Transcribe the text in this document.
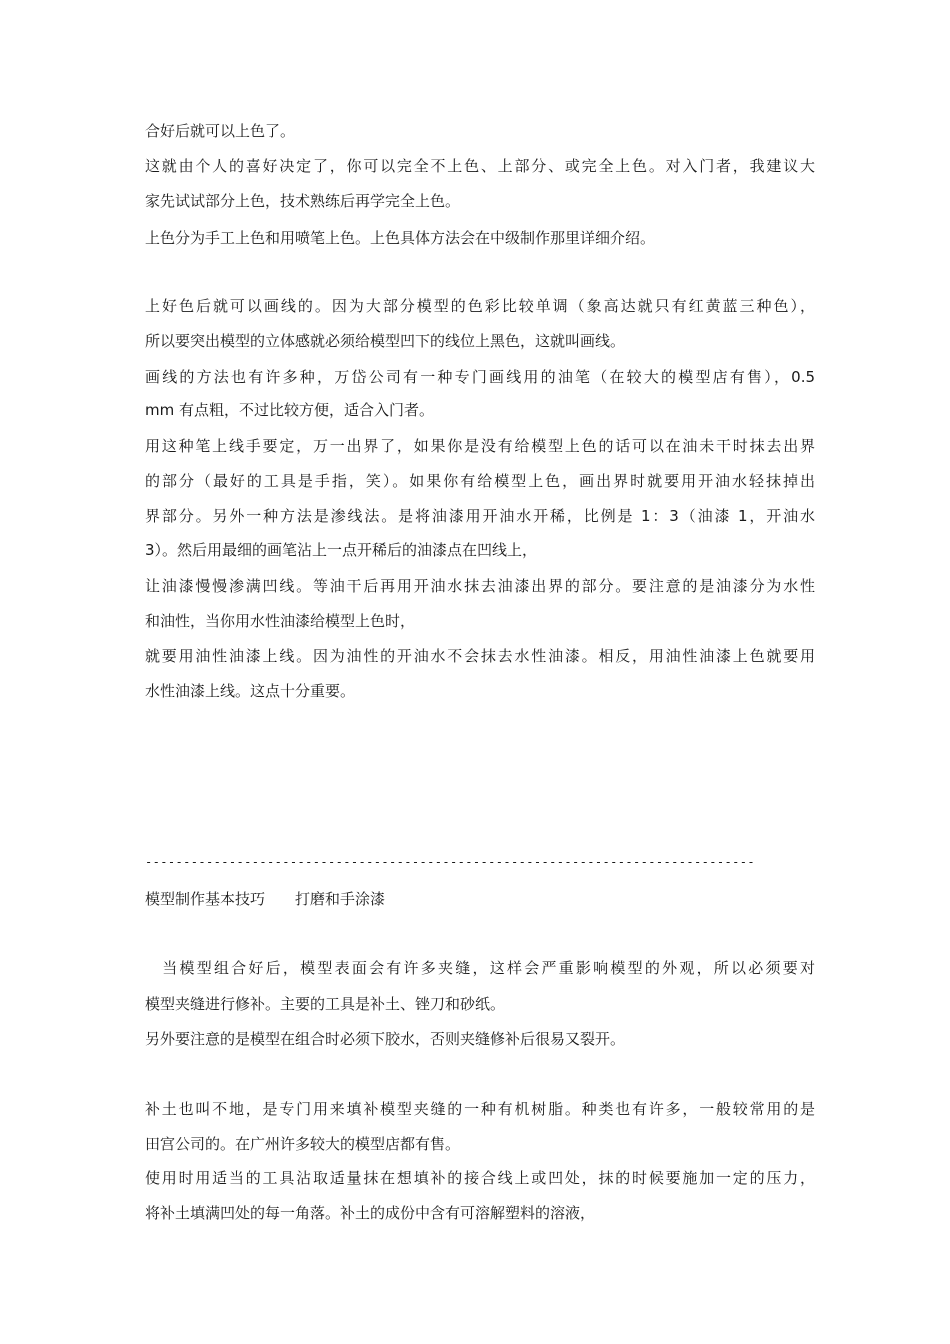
合好后就可以上色了。
这就由个人的喜好决定了，你可以完全不上色、上部分、或完全上色。对入门者，我建议大
家先试试部分上色，技术熟练后再学完全上色。
上色分为手工上色和用喷笔上色。上色具体方法会在中级制作那里详细介绍。
上好色后就可以画线的。因为大部分模型的色彩比较单调（象高达就只有红黄蓝三种色），
所以要突出模型的立体感就必须给模型凹下的线位上黑色，这就叫画线。
画线的方法也有许多种，万岱公司有一种专门画线用的油笔（在较大的模型店有售），0.5
mm 有点粗，不过比较方便，适合入门者。
用这种笔上线手要定，万一出界了，如果你是没有给模型上色的话可以在油未干时抹去出界
的部分（最好的工具是手指，笑）。如果你有给模型上色，画出界时就要用开油水轻抹掉出
界部分。另外一种方法是渗线法。是将油漆用开油水开稀，比例是 1：3（油漆 1，开油水
3）。然后用最细的画笔沾上一点开稀后的油漆点在凹线上，
让油漆慢慢渗满凹线。等油干后再用开油水抹去油漆出界的部分。要注意的是油漆分为水性
和油性，当你用水性油漆给模型上色时，
就要用油性油漆上线。因为油性的开油水不会抹去水性油漆。相反，用油性油漆上色就要用
水性油漆上线。这点十分重要。
--------------------------------------------------------------------------------
模型制作基本技巧　　打磨和手涂漆
　当模型组合好后，模型表面会有许多夹缝，这样会严重影响模型的外观，所以必须要对
模型夹缝进行修补。主要的工具是补土、锉刀和砂纸。
另外要注意的是模型在组合时必须下胶水，否则夹缝修补后很易又裂开。
补土也叫不地，是专门用来填补模型夹缝的一种有机树脂。种类也有许多，一般较常用的是
田宫公司的。在广州许多较大的模型店都有售。
使用时用适当的工具沾取适量抹在想填补的接合线上或凹处，抹的时候要施加一定的压力，
将补土填满凹处的每一角落。补土的成份中含有可溶解塑料的溶液，
